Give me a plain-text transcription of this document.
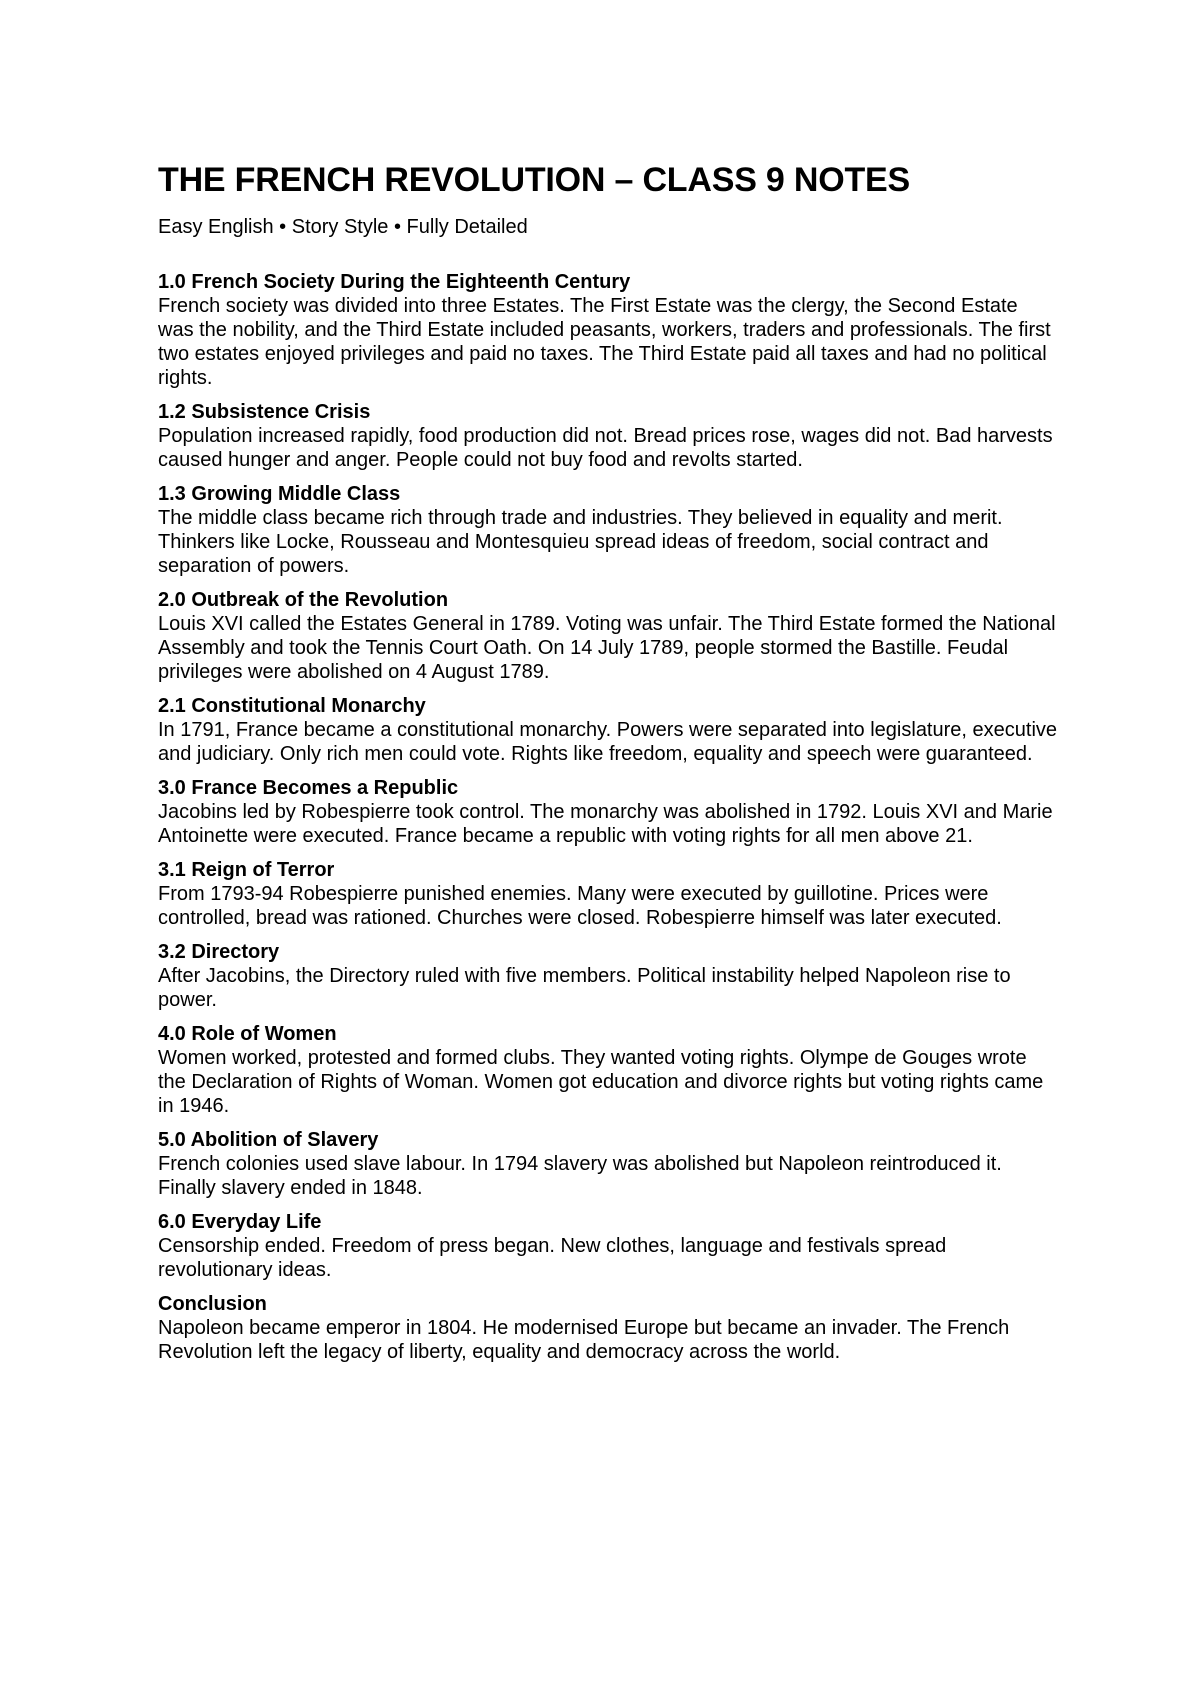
THE FRENCH REVOLUTION – CLASS 9 NOTES

Easy English • Story Style • Fully Detailed

1.0 French Society During the Eighteenth Century

French society was divided into three Estates. The First Estate was the clergy, the Second Estate was the nobility, and the Third Estate included peasants, workers, traders and professionals. The first two estates enjoyed privileges and paid no taxes. The Third Estate paid all taxes and had no political rights.

1.2 Subsistence Crisis

Population increased rapidly, food production did not. Bread prices rose, wages did not. Bad harvests caused hunger and anger. People could not buy food and revolts started.

1.3 Growing Middle Class

The middle class became rich through trade and industries. They believed in equality and merit. Thinkers like Locke, Rousseau and Montesquieu spread ideas of freedom, social contract and separation of powers.

2.0 Outbreak of the Revolution

Louis XVI called the Estates General in 1789. Voting was unfair. The Third Estate formed the National Assembly and took the Tennis Court Oath. On 14 July 1789, people stormed the Bastille. Feudal privileges were abolished on 4 August 1789.

2.1 Constitutional Monarchy

In 1791, France became a constitutional monarchy. Powers were separated into legislature, executive and judiciary. Only rich men could vote. Rights like freedom, equality and speech were guaranteed.

3.0 France Becomes a Republic

Jacobins led by Robespierre took control. The monarchy was abolished in 1792. Louis XVI and Marie Antoinette were executed. France became a republic with voting rights for all men above 21.

3.1 Reign of Terror

From 1793-94 Robespierre punished enemies. Many were executed by guillotine. Prices were controlled, bread was rationed. Churches were closed. Robespierre himself was later executed.

3.2 Directory

After Jacobins, the Directory ruled with five members. Political instability helped Napoleon rise to power.

4.0 Role of Women

Women worked, protested and formed clubs. They wanted voting rights. Olympe de Gouges wrote the Declaration of Rights of Woman. Women got education and divorce rights but voting rights came in 1946.

5.0 Abolition of Slavery

French colonies used slave labour. In 1794 slavery was abolished but Napoleon reintroduced it. Finally slavery ended in 1848.

6.0 Everyday Life

Censorship ended. Freedom of press began. New clothes, language and festivals spread revolutionary ideas.

Conclusion

Napoleon became emperor in 1804. He modernised Europe but became an invader. The French Revolution left the legacy of liberty, equality and democracy across the world.
